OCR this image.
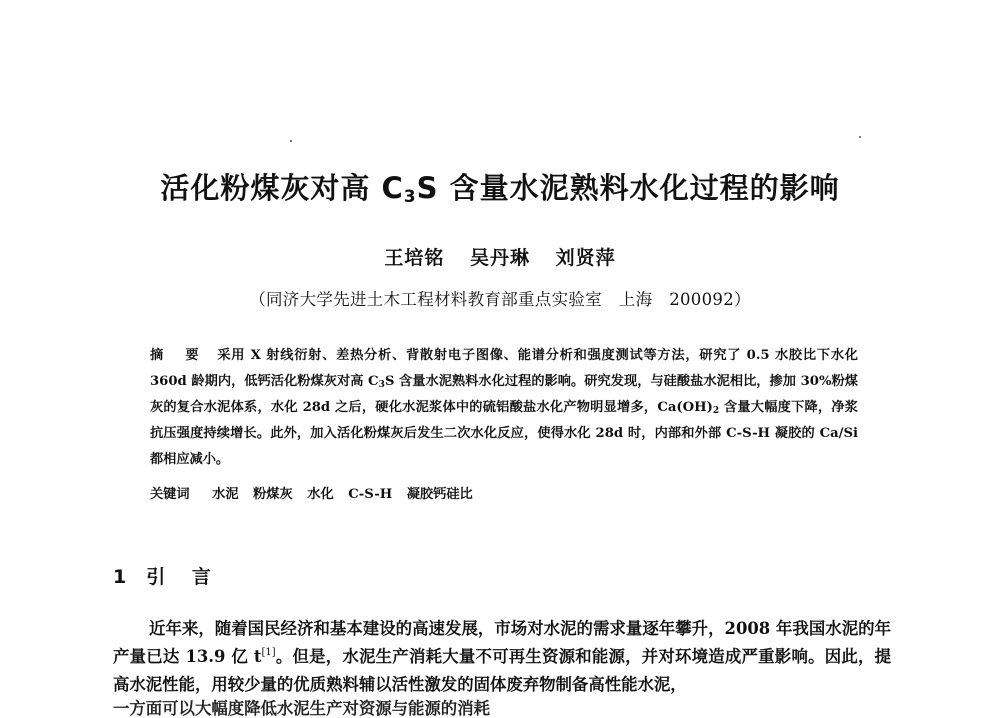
活化粉煤灰对高 $C_3S$ 含量水泥熟料水化过程的影响
王培铭 吴丹琳 刘贤萍
（同济大学先进土木工程材料教育部重点实验室　上海　200092）
摘 要 采用 X 射线衍射、差热分析、背散射电子图像、能谱分析和强度测试等方法，研究了 0.5 水胶比下水化 360d 龄期内，低钙活化粉煤灰对高 $C_3S$ 含量水泥熟料水化过程的影响。研究发现，与硅酸盐水泥相比，掺加 30%粉煤灰的复合水泥体系，水化 28d 之后，硬化水泥浆体中的硫铝酸盐水化产物明显增多，$Ca(OH)_2$ 含量大幅度下降，净浆抗压强度持续增长。此外，加入活化粉煤灰后发生二次水化反应，使得水化 28d 时，内部和外部 C-S-H 凝胶的 Ca/Si 都相应减小。
关键词 水泥 粉煤灰 水化 C-S-H 凝胶钙硅比
1 引 言
近年来，随着国民经济和基本建设的高速发展，市场对水泥的需求量逐年攀升，2008 年我国水泥的年产量已达 13.9 亿 t[1]。但是，水泥生产消耗大量不可再生资源和能源，并对环境造成严重影响。因此，提高水泥性能，用较少量的优质熟料辅以活性激发的固体废弃物制备高性能水泥，
一方面可以大幅度降低水泥生产对资源与能源的消耗
